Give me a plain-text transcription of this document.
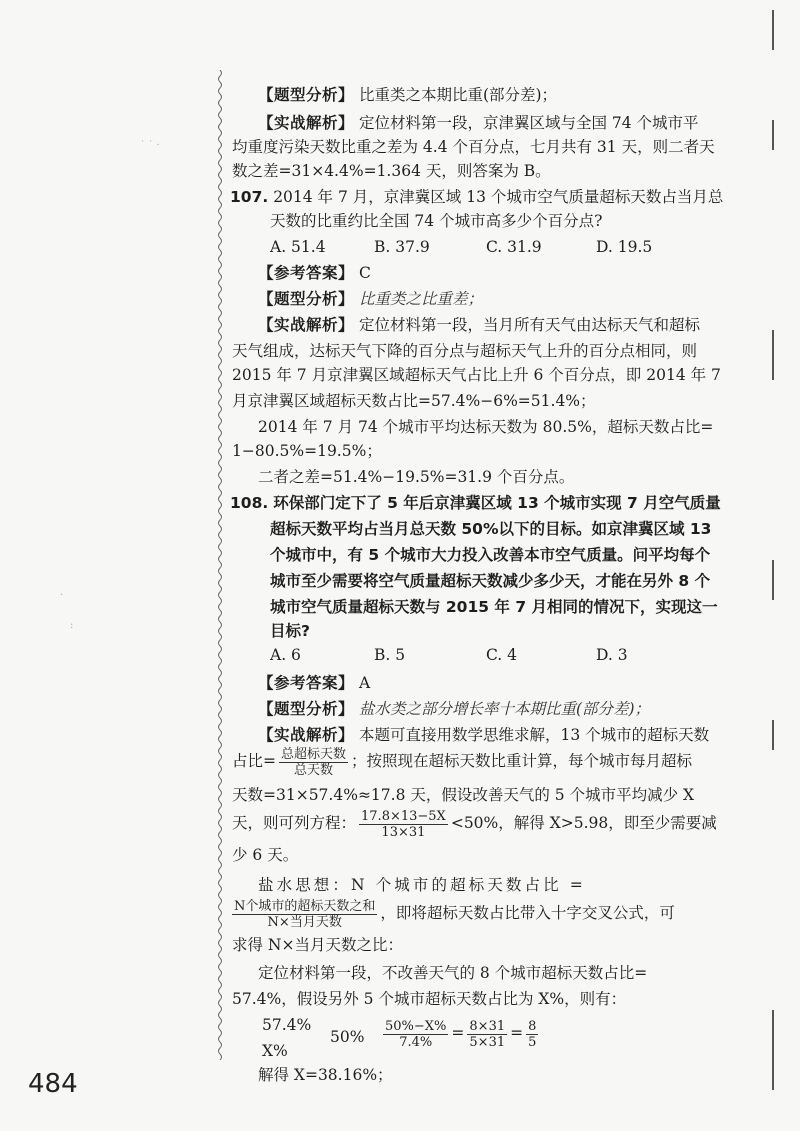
【题型分析】 比重类之本期比重(部分差)；
【实战解析】 定位材料第一段，京津翼区域与全国 74 个城市平
均重度污染天数比重之差为 4.4 个百分点，七月共有 31 天，则二者天
数之差=31×4.4%=1.364 天，则答案为 B。
107. 2014 年 7 月，京津冀区域 13 个城市空气质量超标天数占当月总
天数的比重约比全国 74 个城市高多少个百分点?
A. 51.4	B. 37.9	C. 31.9	D. 19.5
【参考答案】 C
【题型分析】 比重类之比重差；
【实战解析】 定位材料第一段，当月所有天气由达标天气和超标
天气组成，达标天气下降的百分点与超标天气上升的百分点相同，则
2015 年 7 月京津翼区域超标天气占比上升 6 个百分点，即 2014 年 7
月京津翼区域超标天数占比=57.4%−6%=51.4%；
2014 年 7 月 74 个城市平均达标天数为 80.5%，超标天数占比=
1−80.5%=19.5%；
二者之差=51.4%−19.5%=31.9 个百分点。
108. 环保部门定下了 5 年后京津冀区域 13 个城市实现 7 月空气质量
超标天数平均占当月总天数 50%以下的目标。如京津冀区域 13
个城市中，有 5 个城市大力投入改善本市空气质量。问平均每个
城市至少需要将空气质量超标天数减少多少天，才能在另外 8 个
城市空气质量超标天数与 2015 年 7 月相同的情况下，实现这一
目标?
A. 6	B. 5	C. 4	D. 3
【参考答案】 A
【题型分析】 盐水类之部分增长率十本期比重(部分差)；
【实战解析】 本题可直接用数学思维求解，13 个城市的超标天数
占比= $\frac{\text{总超标天数}}{\text{总天数}}$ ；按照现在超标天数比重计算，每个城市每月超标
天数=31×57.4%≈17.8 天，假设改善天气的 5 个城市平均减少 X
天，则可列方程： $\frac{17.8\times 13-5X}{13\times 31} <50\%$，解得 X>5.98，即至少需要减
少 6 天。
盐水思想：N 个城市的超标天数占比 =
$\frac{\text{N个城市的超标天数之和}}{\text{N×当月天数}}$ ，即将超标天数占比带入十字交叉公式，可
求得 N×当月天数之比：
定位材料第一段，不改善天气的 8 个城市超标天数占比=
57.4%，假设另外 5 个城市超标天数占比为 X%，则有：
57.4%
X%
$50\% \frac{50\%-X\%}{7.4\%} = \frac{8\times 31}{5\times 31} = \frac{8}{5}$
解得 X=38.16%；
484
˙ ˙ ·
·
:
